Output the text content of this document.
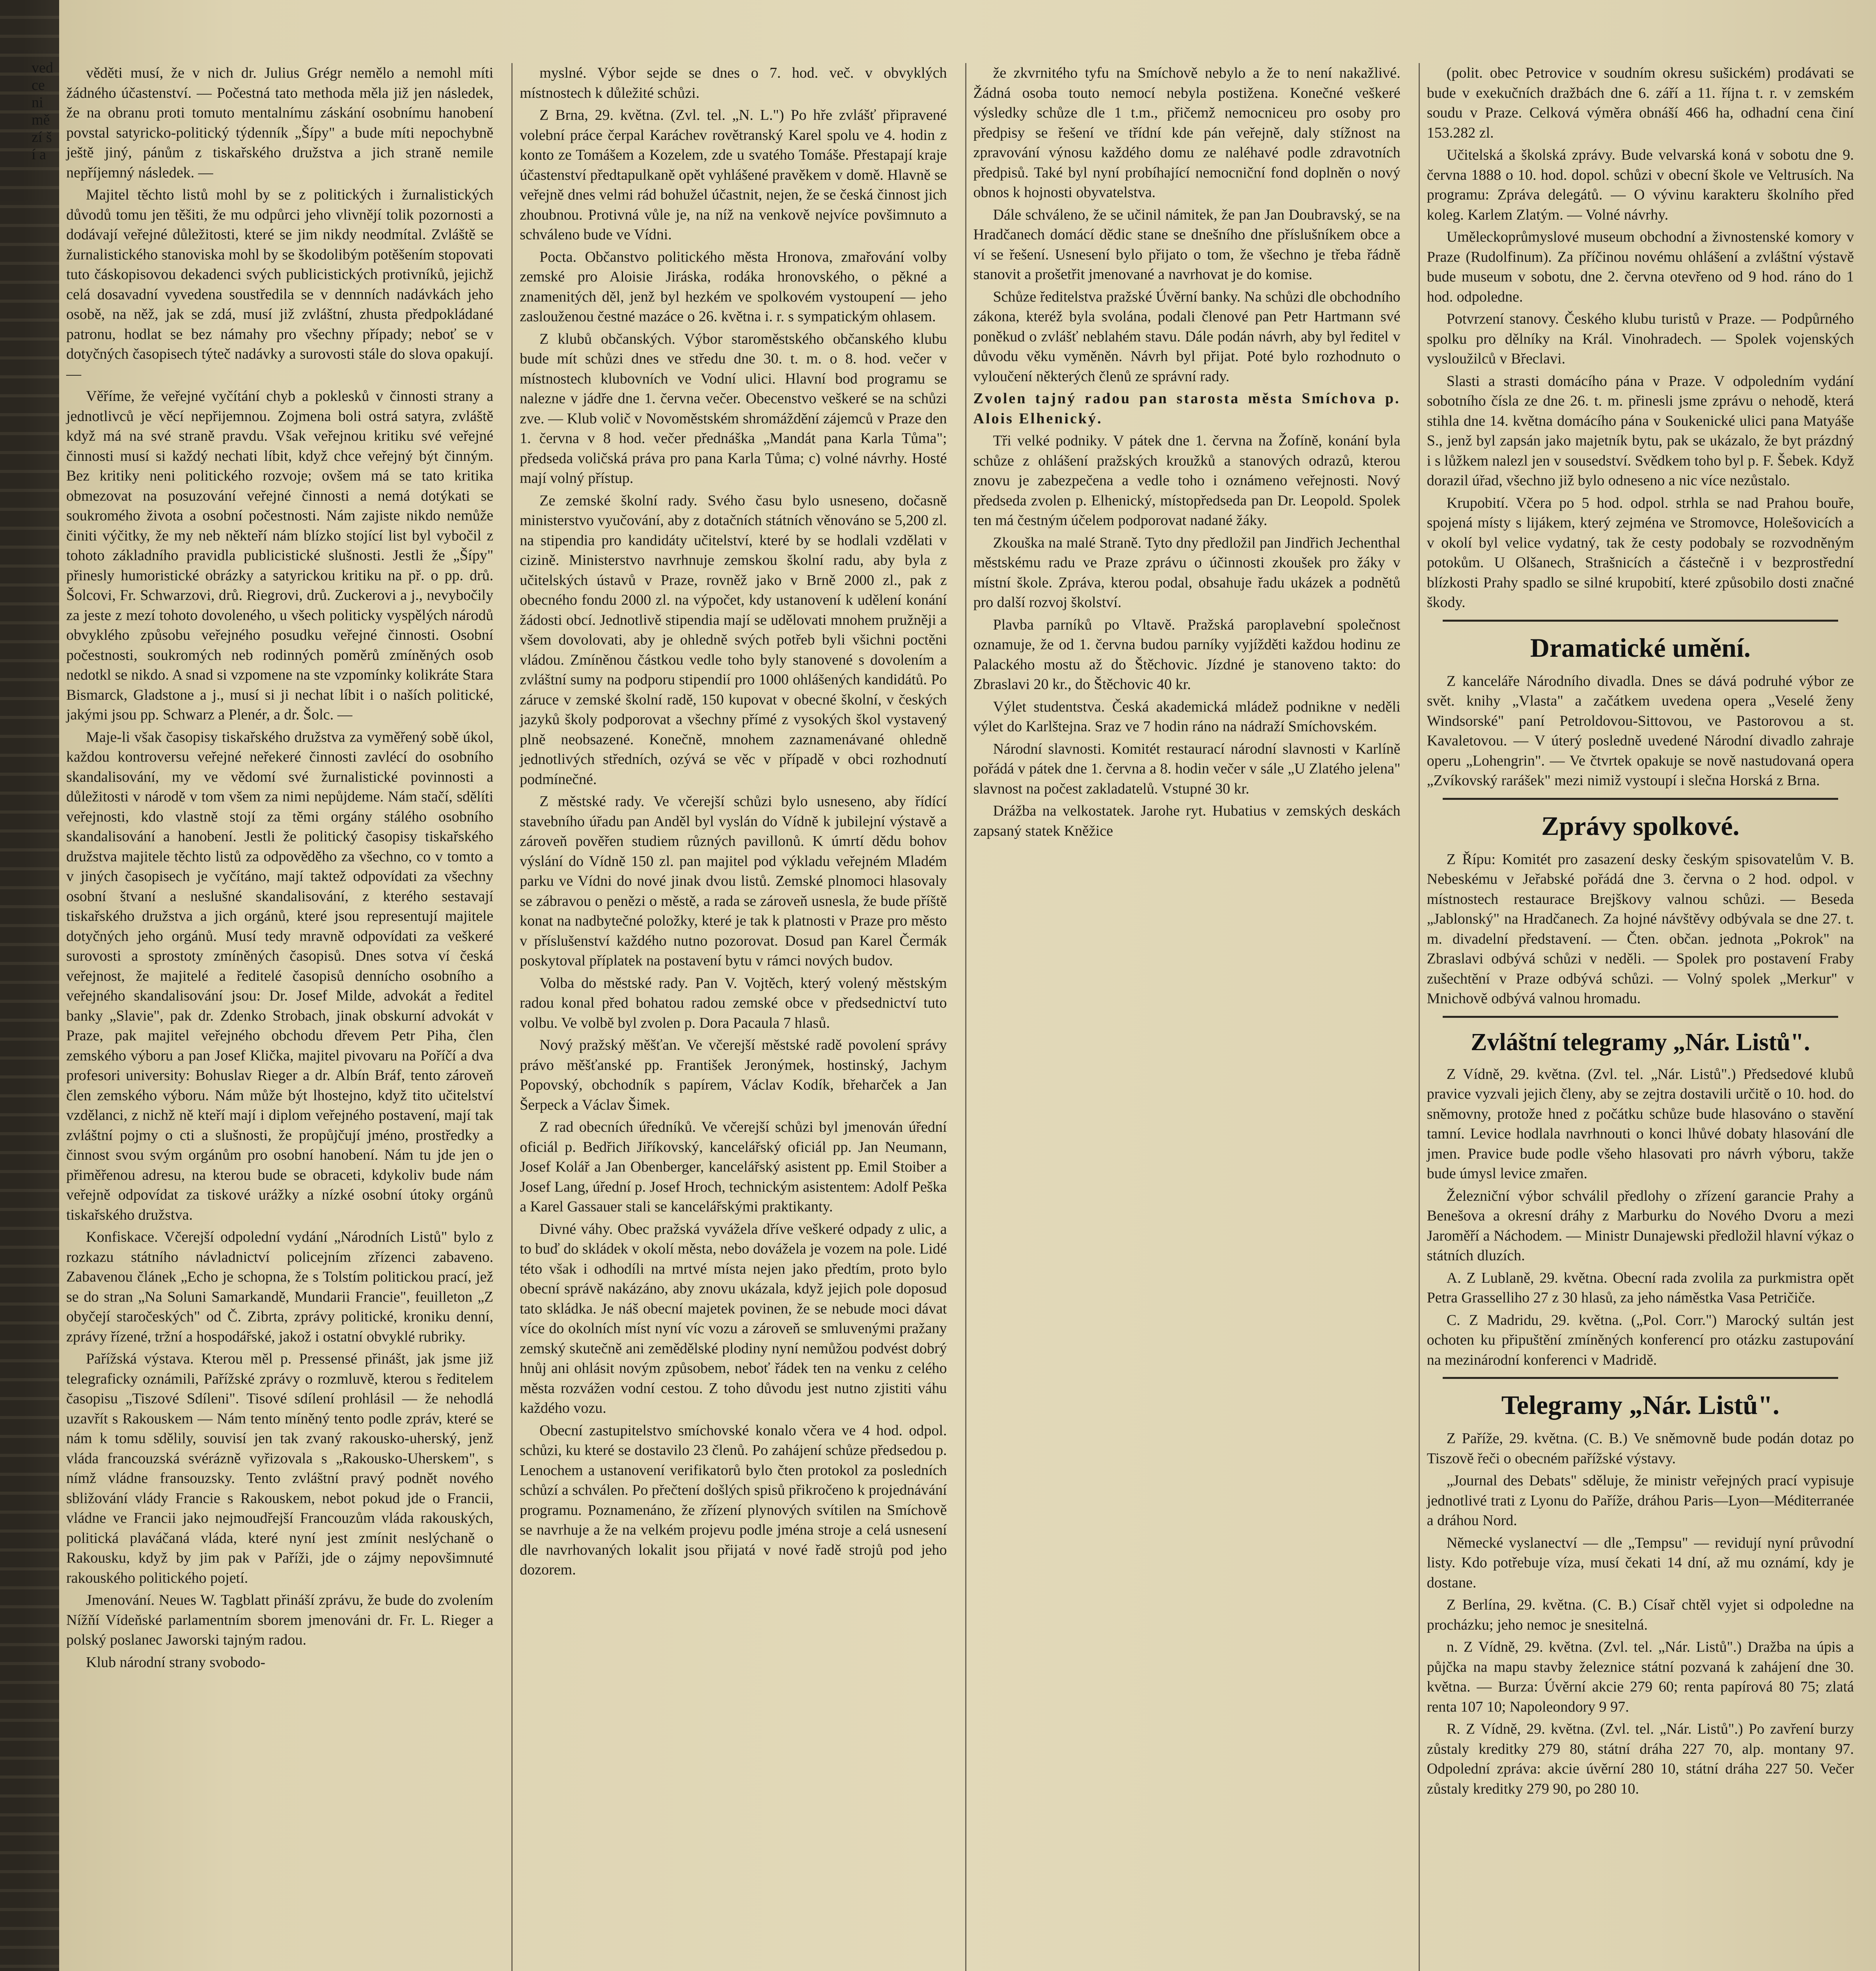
ved ce ni mě zí ší a

věděti musí, že v nich dr. Julius Grégr nemělo a nemohl míti žádného účastenství. — Počestná tato methoda měla již jen následek, že na obranu proti tomuto mentalnímu záskání osobnímu hanobení povstal satyricko-politický týdenník „Šípy" a bude míti nepochybně ještě jiný, pánům z tiskařského družstva a jich straně nemile nepříjemný následek. —

Majitel těchto listů mohl by se z politických i žurnalistických důvodů tomu jen těšiti, že mu odpůrci jeho vlivnějí tolik pozornosti a dodávají veřejné důležitosti, které se jim nikdy neodmítal. Zvláště se žurnalistického stanoviska mohl by se škodolibým potěšením stopovati tuto čáskopisovou dekadenci svých publicistických protivníků, jejichž celá dosavadní vyvedena soustředila se v dennních nadávkách jeho osobě, na něž, jak se zdá, musí již zvláštní, zhusta předpokládané patronu, hodlat se bez námahy pro všechny případy; neboť se v dotyčných časopisech týteč nadávky a surovosti stále do slova opakují. —

Věříme, že veřejné vyčítání chyb a poklesků v činnosti strany a jednotlivců je věcí nepřijemnou. Zojmena boli ostrá satyra, zvláště když má na své straně pravdu. Však veřejnou kritiku své veřejné činnosti musí si každý nechati líbit, když chce veřejný být činným. Bez kritiky neni politického rozvoje; ovšem má se tato kritika obmezovat na posuzování veřejné činnosti a nemá dotýkati se soukromého života a osobní počestnosti. Nám zajiste nikdo nemůže činiti výčitky, že my neb někteří nám blízko stojící list byl vybočil z tohoto základního pravidla publicistické slušnosti. Jestli že „Šípy" přinesly humoristické obrázky a satyrickou kritiku na př. o pp. drů. Šolcovi, Fr. Schwarzovi, drů. Riegrovi, drů. Zuckerovi a j., nevybočily za jeste z mezí tohoto dovoleného, u všech politicky vyspělých národů obvyklého způsobu veřejného posudku veřejné činnosti. Osobní počestnosti, soukromých neb rodinných poměrů zmíněných osob nedotkl se nikdo. A snad si vzpomene na ste vzpomínky kolikráte Stara Bismarck, Gladstone a j., musí si ji nechat líbit i o naších politické, jakými jsou pp. Schwarz a Plenér, a dr. Šolc. —

Maje-li však časopisy tiskařského družstva za vyměřený sobě úkol, každou kontroversu veřejné neřekeré činnosti zavlécí do osobního skandalisování, my ve vědomí své žurnalistické povinnosti a důležitosti v národě v tom všem za nimi nepůjdeme. Nám stačí, sdělíti veřejnosti, kdo vlastně stojí za těmi orgány stálého osobního skandalisování a hanobení. Jestli že politický časopisy tiskařského družstva majitele těchto listů za odpověděho za všechno, co v tomto a v jiných časopisech je vyčítáno, mají taktež odpovídati za všechny osobní štvaní a neslušné skandalisování, z kterého sestavají tiskařského družstva a jich orgánů, které jsou representují majitele dotyčných jeho orgánů. Musí tedy mravně odpovídati za veškeré surovosti a sprostoty zmíněných časopisů. Dnes sotva ví česká veřejnost, že majitelé a ředitelé časopisů dennícho osobního a veřejného skandalisování jsou: Dr. Josef Milde, advokát a ředitel banky „Slavie", pak dr. Zdenko Strobach, jinak obskurní advokát v Praze, pak majitel veřejného obchodu dřevem Petr Piha, člen zemského výboru a pan Josef Klička, majitel pivovaru na Poříčí a dva profesori university: Bohuslav Rieger a dr. Albín Bráf, tento zároveň člen zemského výboru. Nám může být lhostejno, když tito učitelství vzdělanci, z nichž ně kteří mají i diplom veřejného postavení, mají tak zvláštní pojmy o cti a slušnosti, že propůjčují jméno, prostředky a činnost svou svým orgánům pro osobní hanobení. Nám tu jde jen o přiměřenou adresu, na kterou bude se obraceti, kdykoliv bude nám veřejně odpovídat za tiskové urážky a nízké osobní útoky orgánů tiskařského družstva.

Konfiskace. Včerejší odpolední vydání „Národních Listů" bylo z rozkazu státního návladnictví policejním zřízenci zabaveno. Zabavenou článek „Echo je schopna, že s Tolstím politickou prací, jež se do stran „Na Soluni Samarkandě, Mundarii Francie", feuilleton „Z obyčejí staročeských" od Č. Zibrta, zprávy politické, kroniku denní, zprávy řízené, tržní a hospodářské, jakož i ostatní obvyklé rubriky.

Pařížská výstava. Kterou měl p. Pressensé přinášt, jak jsme již telegraficky oznámili, Pařížské zprávy o rozmluvě, kterou s ředitelem časopisu „Tiszové Sdíleni". Tisové sdílení prohlásil — že nehodlá uzavřít s Rakouskem — Nám tento míněný tento podle zpráv, které se nám k tomu sdělily, souvisí jen tak zvaný rakousko-uherský, jenž vláda francouzská svérázně vyřizovala s „Rakousko-Uherskem", s nímž vládne fransouzsky. Tento zvláštní pravý podnět nového sbližování vlády Francie s Rakouskem, nebot pokud jde o Francii, vládne ve Francii jako nejmoudřejší Francouzům vláda rakouských, politická plaváčaná vláda, které nyní jest zmínit neslýchaně o Rakousku, když by jim pak v Paříži, jde o zájmy nepovšimnuté rakouského politického pojetí.

Jmenování. Neues W. Tagblatt přináší zprávu, že bude do zvolením Nížňí Vídeňské parlamentním sborem jmenováni dr. Fr. L. Rieger a polský poslanec Jaworski tajným radou.

Klub národní strany svobodo-

myslné. Výbor sejde se dnes o 7. hod. več. v obvyklých místnostech k důležité schůzi.

Z Brna, 29. května. (Zvl. tel. „N. L.") Po hře zvlášť připravené volební práce čerpal Karáchev rovětranský Karel spolu ve 4. hodin z konto ze Tomášem a Kozelem, zde u svatého Tomáše. Přestapají kraje účastenství předtapulkaně opět vyhlášené pravěkem v domě. Hlavně se veřejně dnes velmi rád bohužel účastnit, nejen, že se česká činnost jich zhoubnou. Protivná vůle je, na níž na venkově nejvíce povšimnuto a schváleno bude ve Vídni.

Pocta. Občanstvo politického města Hronova, zmařování volby zemské pro Aloisie Jiráska, rodáka hronovského, o pěkné a znamenitých děl, jenž byl hezkém ve spolkovém vystoupení — jeho zaslouženou čestné mazáce o 26. května i. r. s sympatickým ohlasem.

Z klubů občanských. Výbor staroměstského občanského klubu bude mít schůzi dnes ve středu dne 30. t. m. o 8. hod. večer v místnostech klubovních ve Vodní ulici. Hlavní bod programu se nalezne v jádře dne 1. června večer. Obecenstvo veškeré se na schůzi zve. — Klub volič v Novoměstském shromáždění zájemců v Praze den 1. června v 8 hod. večer přednáška „Mandát pana Karla Tůma"; předseda voličská práva pro pana Karla Tůma; c) volné návrhy. Hosté mají volný přístup.

Ze zemské školní rady. Svého času bylo usneseno, dočasně ministerstvo vyučování, aby z dotačních státních věnováno se 5,200 zl. na stipendia pro kandidáty učitelství, které by se hodlali vzdělati v cizině. Ministerstvo navrhnuje zemskou školní radu, aby byla z učitelských ústavů v Praze, rovněž jako v Brně 2000 zl., pak z obecného fondu 2000 zl. na výpočet, kdy ustanovení k udělení konání žádosti obcí. Jednotlivě stipendia mají se udělovati mnohem pružněji a všem dovolovati, aby je ohledně svých potřeb byli všichni poctěni vládou. Zmíněnou částkou vedle toho byly stanovené s dovolením a zvláštní sumy na podporu stipendií pro 1000 ohlášených kandidátů. Po záruce v zemské školní radě, 150 kupovat v obecné školní, v českých jazyků školy podporovat a všechny přímé z vysokých škol vystavený plně neobsazené. Konečně, mnohem zaznamenávané ohledně jednotlivých středních, ozývá se věc v případě v obci rozhodnutí podmínečné.

Z městské rady. Ve včerejší schůzi bylo usneseno, aby řídící stavebního úřadu pan Anděl byl vyslán do Vídně k jubilejní výstavě a zároveň pověřen studiem různých pavillonů. K úmrtí dědu bohov výslání do Vídně 150 zl. pan majitel pod výkladu veřejném Mladém parku ve Vídni do nové jinak dvou listů. Zemské plnomoci hlasovaly se zábravou o penězi o městě, a rada se zároveň usnesla, že bude příště konat na nadbytečné položky, které je tak k platnosti v Praze pro město v příslušenství každého nutno pozorovat. Dosud pan Karel Čermák poskytoval příplatek na postavení bytu v rámci nových budov.

Volba do městské rady. Pan V. Vojtěch, který volený městským radou konal před bohatou radou zemské obce v předsednictví tuto volbu. Ve volbě byl zvolen p. Dora Pacaula 7 hlasů.

Nový pražský měšťan. Ve včerejší městské radě povolení správy právo měšťanské pp. František Jeronýmek, hostinský, Jachym Popovský, obchodník s papírem, Václav Kodík, břeharček a Jan Šerpeck a Václav Šimek.

Z rad obecních úředníků. Ve včerejší schůzi byl jmenován úřední oficiál p. Bedřich Jiříkovský, kancelářský oficiál pp. Jan Neumann, Josef Kolář a Jan Obenberger, kancelářský asistent pp. Emil Stoiber a Josef Lang, úřední p. Josef Hroch, technickým asistentem: Adolf Peška a Karel Gassauer stali se kancelářskými praktikanty.

Divné váhy. Obec pražská vyvážela dříve veškeré odpady z ulic, a to buď do skládek v okolí města, nebo dovážela je vozem na pole. Lidé této však i odhodíli na mrtvé místa nejen jako předtím, proto bylo obecní správě nakázáno, aby znovu ukázala, když jejich pole doposud tato skládka. Je náš obecní majetek povinen, že se nebude moci dávat více do okolních míst nyní víc vozu a zároveň se smluvenými pražany zemský skutečně ani zemědělské plodiny nyní nemůžou podvést dobrý hnůj ani ohlásit novým způsobem, neboť řádek ten na venku z celého města rozvážen vodní cestou. Z toho důvodu jest nutno zjistiti váhu každého vozu.

Obecní zastupitelstvo smíchovské konalo včera ve 4 hod. odpol. schůzi, ku které se dostavilo 23 členů. Po zahájení schůze předsedou p. Lenochem a ustanovení verifikatorů bylo čten protokol za posledních schůzí a schválen. Po přečtení došlých spisů přikročeno k projednávání programu. Poznamenáno, že zřízení plynových svítilen na Smíchově se navrhuje a že na velkém projevu podle jména stroje a celá usnesení dle navrhovaných lokalit jsou přijatá v nové řadě strojů pod jeho dozorem.

že zkvrnitého tyfu na Smíchově nebylo a že to není nakažlivé. Žádná osoba touto nemocí nebyla postižena. Konečné veškeré výsledky schůze dle 1 t.m., přičemž nemocniceu pro osoby pro předpisy se řešení ve třídní kde pán veřejně, daly stížnost na zpravování výnosu každého domu ze naléhavé podle zdravotních předpisů. Také byl nyní probíhající nemocniční fond doplněn o nový obnos k hojnosti obyvatelstva.

Dále schváleno, že se učinil námitek, že pan Jan Doubravský, se na Hradčanech domácí dědic stane se dnešního dne příslušníkem obce a ví se řešení. Usnesení bylo přijato o tom, že všechno je třeba řádně stanovit a prošetřit jmenované a navrhovat je do komise.

Schůze ředitelstva pražské Úvěrní banky. Na schůzi dle obchodního zákona, kteréž byla svolána, podali členové pan Petr Hartmann své poněkud o zvlášť neblahém stavu. Dále podán návrh, aby byl ředitel v důvodu věku vyměněn. Návrh byl přijat. Poté bylo rozhodnuto o vyloučení některých členů ze správní rady.

Zvolen tajný radou pan starosta města Smíchova p. Alois Elhenický.

Tři velké podniky. V pátek dne 1. června na Žofíně, konání byla schůze z ohlášení pražských kroužků a stanových odrazů, kterou znovu je zabezpečena a vedle toho i oznámeno veřejnosti. Nový předseda zvolen p. Elhenický, místopředseda pan Dr. Leopold. Spolek ten má čestným účelem podporovat nadané žáky.

Zkouška na malé Straně. Tyto dny předložil pan Jindřich Jechenthal městskému radu ve Praze zprávu o účinnosti zkoušek pro žáky v místní škole. Zpráva, kterou podal, obsahuje řadu ukázek a podnětů pro další rozvoj školství.

Plavba parníků po Vltavě. Pražská paroplavební společnost oznamuje, že od 1. června budou parníky vyjížděti každou hodinu ze Palackého mostu až do Štěchovic. Jízdné je stanoveno takto: do Zbraslavi 20 kr., do Štěchovic 40 kr.

Výlet studentstva. Česká akademická mládež podnikne v neděli výlet do Karlštejna. Sraz ve 7 hodin ráno na nádraží Smíchovském.

Národní slavnosti. Komitét restaurací národní slavnosti v Karlíně pořádá v pátek dne 1. června a 8. hodin večer v sále „U Zlatého jelena" slavnost na počest zakladatelů. Vstupné 30 kr.

Drážba na velkostatek. Jarohe ryt. Hubatius v zemských deskách zapsaný statek Kněžice

(polit. obec Petrovice v soudním okresu sušickém) prodávati se bude v exekučních dražbách dne 6. září a 11. října t. r. v zemském soudu v Praze. Celková výměra obnáší 466 ha, odhadní cena činí 153.282 zl.

Učitelská a školská zprávy. Bude velvarská koná v sobotu dne 9. června 1888 o 10. hod. dopol. schůzi v obecní škole ve Veltrusích. Na programu: Zpráva delegátů. — O vývinu karakteru školního před koleg. Karlem Zlatým. — Volné návrhy.

Uměleckoprůmyslové museum obchodní a živnostenské komory v Praze (Rudolfinum). Za příčinou novému ohlášení a zvláštní výstavě bude museum v sobotu, dne 2. června otevřeno od 9 hod. ráno do 1 hod. odpoledne.

Potvrzení stanovy. Českého klubu turistů v Praze. — Podpůrného spolku pro dělníky na Král. Vinohradech. — Spolek vojenských vysloužilců v Břeclavi.

Slasti a strasti domácího pána v Praze. V odpoledním vydání sobotního čísla ze dne 26. t. m. přinesli jsme zprávu o nehodě, která stihla dne 14. května domácího pána v Soukenické ulici pana Matyáše S., jenž byl zapsán jako majetník bytu, pak se ukázalo, že byt prázdný i s lůžkem nalezl jen v sousedství. Svědkem toho byl p. F. Šebek. Když dorazil úřad, všechno již bylo odneseno a nic více nezůstalo.

Krupobití. Včera po 5 hod. odpol. strhla se nad Prahou bouře, spojená místy s lijákem, který zejména ve Stromovce, Holešovicích a v okolí byl velice vydatný, tak že cesty podobaly se rozvodněným potokům. U Olšanech, Strašnicích a částečně i v bezprostřední blízkosti Prahy spadlo se silné krupobití, které způsobilo dosti značné škody.

Dramatické umění.

Z kanceláře Národního divadla. Dnes se dává podruhé výbor ze svět. knihy „Vlasta" a začátkem uvedena opera „Veselé ženy Windsorské" paní Petroldovou-Sittovou, ve Pastorovou a st. Kavaletovou. — V úterý posledně uvedené Národní divadlo zahraje operu „Lohengrin". — Ve čtvrtek opakuje se nově nastudovaná opera „Zvíkovský rarášek" mezi nimiž vystoupí i slečna Horská z Brna.

Zprávy spolkové.

Z Řípu: Komitét pro zasazení desky českým spisovatelům V. B. Nebeskému v Jeřabské pořádá dne 3. června o 2 hod. odpol. v místnostech restaurace Brejškovy valnou schůzi. — Beseda „Jablonský" na Hradčanech. Za hojné návštěvy odbývala se dne 27. t. m. divadelní představení. — Čten. občan. jednota „Pokrok" na Zbraslavi odbývá schůzi v neděli. — Spolek pro postavení Fraby zušechtění v Praze odbývá schůzi. — Volný spolek „Merkur" v Mnichově odbývá valnou hromadu.

Zvláštní telegramy „Nár. Listů".

Z Vídně, 29. května. (Zvl. tel. „Nár. Listů".) Předsedové klubů pravice vyzvali jejich členy, aby se zejtra dostavili určitě o 10. hod. do sněmovny, protože hned z počátku schůze bude hlasováno o stavění tamní. Levice hodlala navrhnouti o konci lhůvé dobaty hlasování dle jmen. Pravice bude podle všeho hlasovati pro návrh výboru, takže bude úmysl levice zmařen.

Železniční výbor schválil předlohy o zřízení garancie Prahy a Benešova a okresní dráhy z Marburku do Nového Dvoru a mezi Jaroměří a Náchodem. — Ministr Dunajewski předložil hlavní výkaz o státních dluzích.

A. Z Lublaně, 29. května. Obecní rada zvolila za purkmistra opět Petra Grasselliho 27 z 30 hlasů, za jeho náměstka Vasa Petričiče.

C. Z Madridu, 29. května. („Pol. Corr.") Marocký sultán jest ochoten ku připuštění zmíněných konferencí pro otázku zastupování na mezinárodní konferenci v Madridě.

Telegramy „Nár. Listů".

Z Paříže, 29. května. (C. B.) Ve sněmovně bude podán dotaz po Tiszově řeči o obecném pařížské výstavy.

„Journal des Debats" sděluje, že ministr veřejných prací vypisuje jednotlivé trati z Lyonu do Paříže, dráhou Paris—Lyon—Méditerranée a dráhou Nord.

Německé vyslanectví — dle „Tempsu" — revidují nyní průvodní listy. Kdo potřebuje víza, musí čekati 14 dní, až mu oznámí, kdy je dostane.

Z Berlína, 29. května. (C. B.) Císař chtěl vyjet si odpoledne na procházku; jeho nemoc je snesitelná.

n. Z Vídně, 29. května. (Zvl. tel. „Nár. Listů".) Dražba na úpis a půjčka na mapu stavby železnice státní pozvaná k zahájení dne 30. května. — Burza: Úvěrní akcie 279 60; renta papírová 80 75; zlatá renta 107 10; Napoleondory 9 97.

R. Z Vídně, 29. května. (Zvl. tel. „Nár. Listů".) Po zavření burzy zůstaly kreditky 279 80, státní dráha 227 70, alp. montany 97. Odpolední zpráva: akcie úvěrní 280 10, státní dráha 227 50. Večer zůstaly kreditky 279 90, po 280 10.
